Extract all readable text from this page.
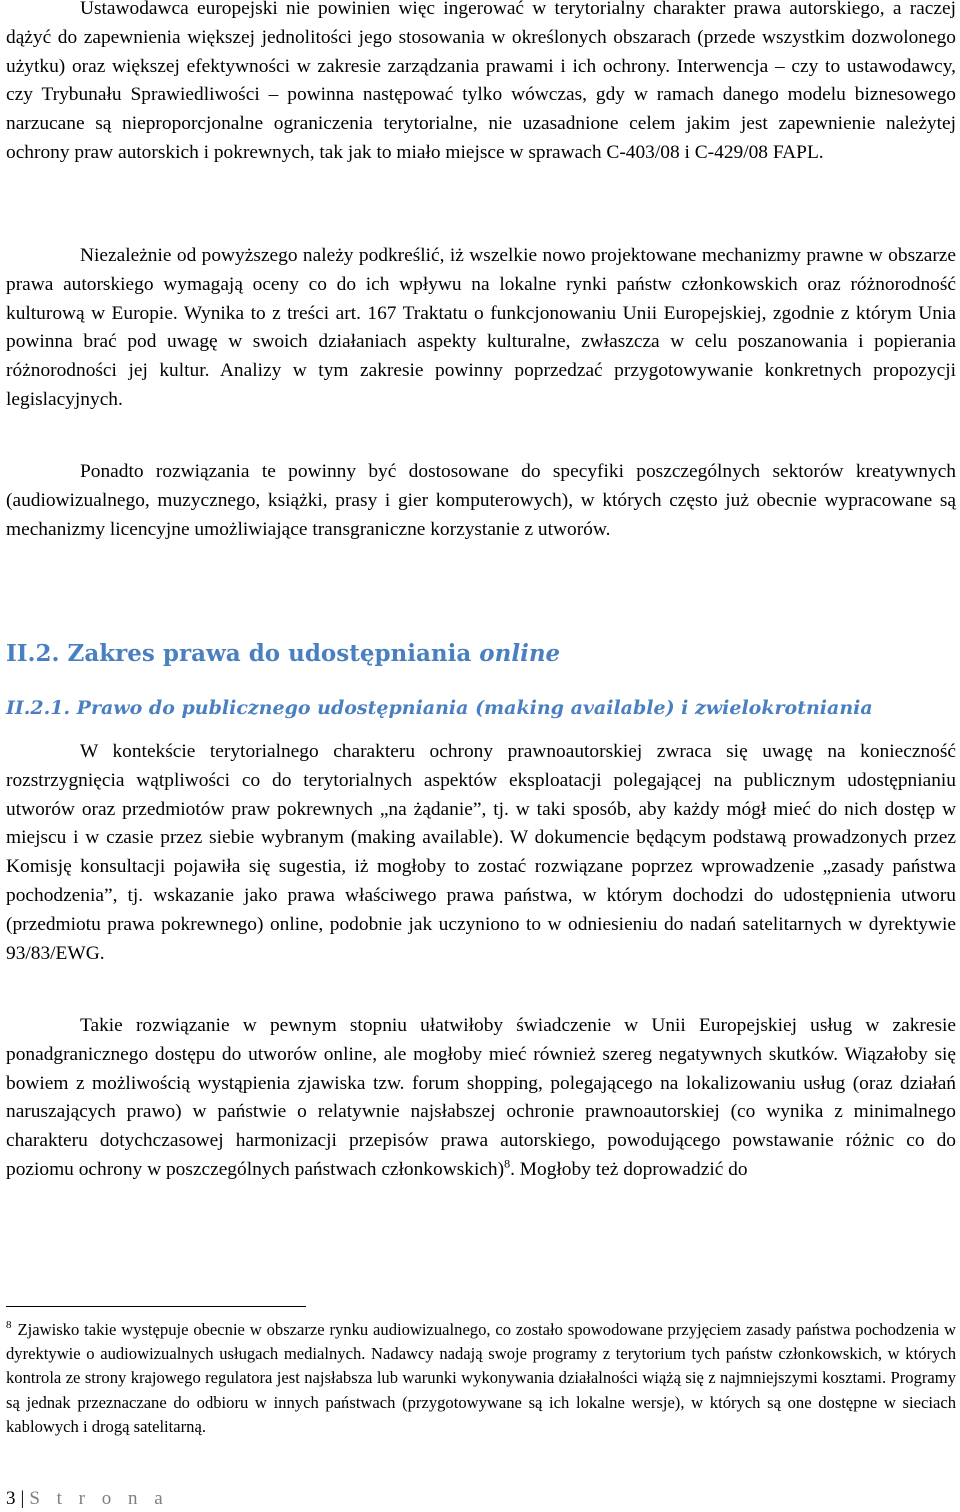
Ustawodawca europejski nie powinien więc ingerować w terytorialny charakter prawa autorskiego, a raczej dążyć do zapewnienia większej jednolitości jego stosowania w określonych obszarach (przede wszystkim dozwolonego użytku) oraz większej efektywności w zakresie zarządzania prawami i ich ochrony. Interwencja – czy to ustawodawcy, czy Trybunału Sprawiedliwości – powinna następować tylko wówczas, gdy w ramach danego modelu biznesowego narzucane są nieproporcjonalne ograniczenia terytorialne, nie uzasadnione celem jakim jest zapewnienie należytej ochrony praw autorskich i pokrewnych, tak jak to miało miejsce w sprawach C-403/08 i C-429/08 FAPL.

Niezależnie od powyższego należy podkreślić, iż wszelkie nowo projektowane mechanizmy prawne w obszarze prawa autorskiego wymagają oceny co do ich wpływu na lokalne rynki państw członkowskich oraz różnorodność kulturową w Europie. Wynika to z treści art. 167 Traktatu o funkcjonowaniu Unii Europejskiej, zgodnie z którym Unia powinna brać pod uwagę w swoich działaniach aspekty kulturalne, zwłaszcza w celu poszanowania i popierania różnorodności jej kultur. Analizy w tym zakresie powinny poprzedzać przygotowywanie konkretnych propozycji legislacyjnych.

Ponadto rozwiązania te powinny być dostosowane do specyfiki poszczególnych sektorów kreatywnych (audiowizualnego, muzycznego, książki, prasy i gier komputerowych), w których często już obecnie wypracowane są mechanizmy licencyjne umożliwiające transgraniczne korzystanie z utworów.

II.2. Zakres prawa do udostępniania online
II.2.1. Prawo do publicznego udostępniania (making available) i zwielokrotniania

W kontekście terytorialnego charakteru ochrony prawnoautorskiej zwraca się uwagę na konieczność rozstrzygnięcia wątpliwości co do terytorialnych aspektów eksploatacji polegającej na publicznym udostępnianiu utworów oraz przedmiotów praw pokrewnych „na żądanie”, tj. w taki sposób, aby każdy mógł mieć do nich dostęp w miejscu i w czasie przez siebie wybranym (making available). W dokumencie będącym podstawą prowadzonych przez Komisję konsultacji pojawiła się sugestia, iż mogłoby to zostać rozwiązane poprzez wprowadzenie „zasady państwa pochodzenia”, tj. wskazanie jako prawa właściwego prawa państwa, w którym dochodzi do udostępnienia utworu (przedmiotu prawa pokrewnego) online, podobnie jak uczyniono to w odniesieniu do nadań satelitarnych w dyrektywie 93/83/EWG.

Takie rozwiązanie w pewnym stopniu ułatwiłoby świadczenie w Unii Europejskiej usług w zakresie ponadgranicznego dostępu do utworów online, ale mogłoby mieć również szereg negatywnych skutków. Wiązałoby się bowiem z możliwością wystąpienia zjawiska tzw. forum shopping, polegającego na lokalizowaniu usług (oraz działań naruszających prawo) w państwie o relatywnie najsłabszej ochronie prawnoautorskiej (co wynika z minimalnego charakteru dotychczasowej harmonizacji przepisów prawa autorskiego, powodującego powstawanie różnic co do poziomu ochrony w poszczególnych państwach członkowskich)$^8$. Mogłoby też doprowadzić do

$^8$ Zjawisko takie występuje obecnie w obszarze rynku audiowizualnego, co zostało spowodowane przyjęciem zasady państwa pochodzenia w dyrektywie o audiowizualnych usługach medialnych. Nadawcy nadają swoje programy z terytorium tych państw członkowskich, w których kontrola ze strony krajowego regulatora jest najsłabsza lub warunki wykonywania działalności wiążą się z najmniejszymi kosztami. Programy są jednak przeznaczane do odbioru w innych państwach (przygotowywane są ich lokalne wersje), w których są one dostępne w sieciach kablowych i drogą satelitarną.

3 | S t r o n a
